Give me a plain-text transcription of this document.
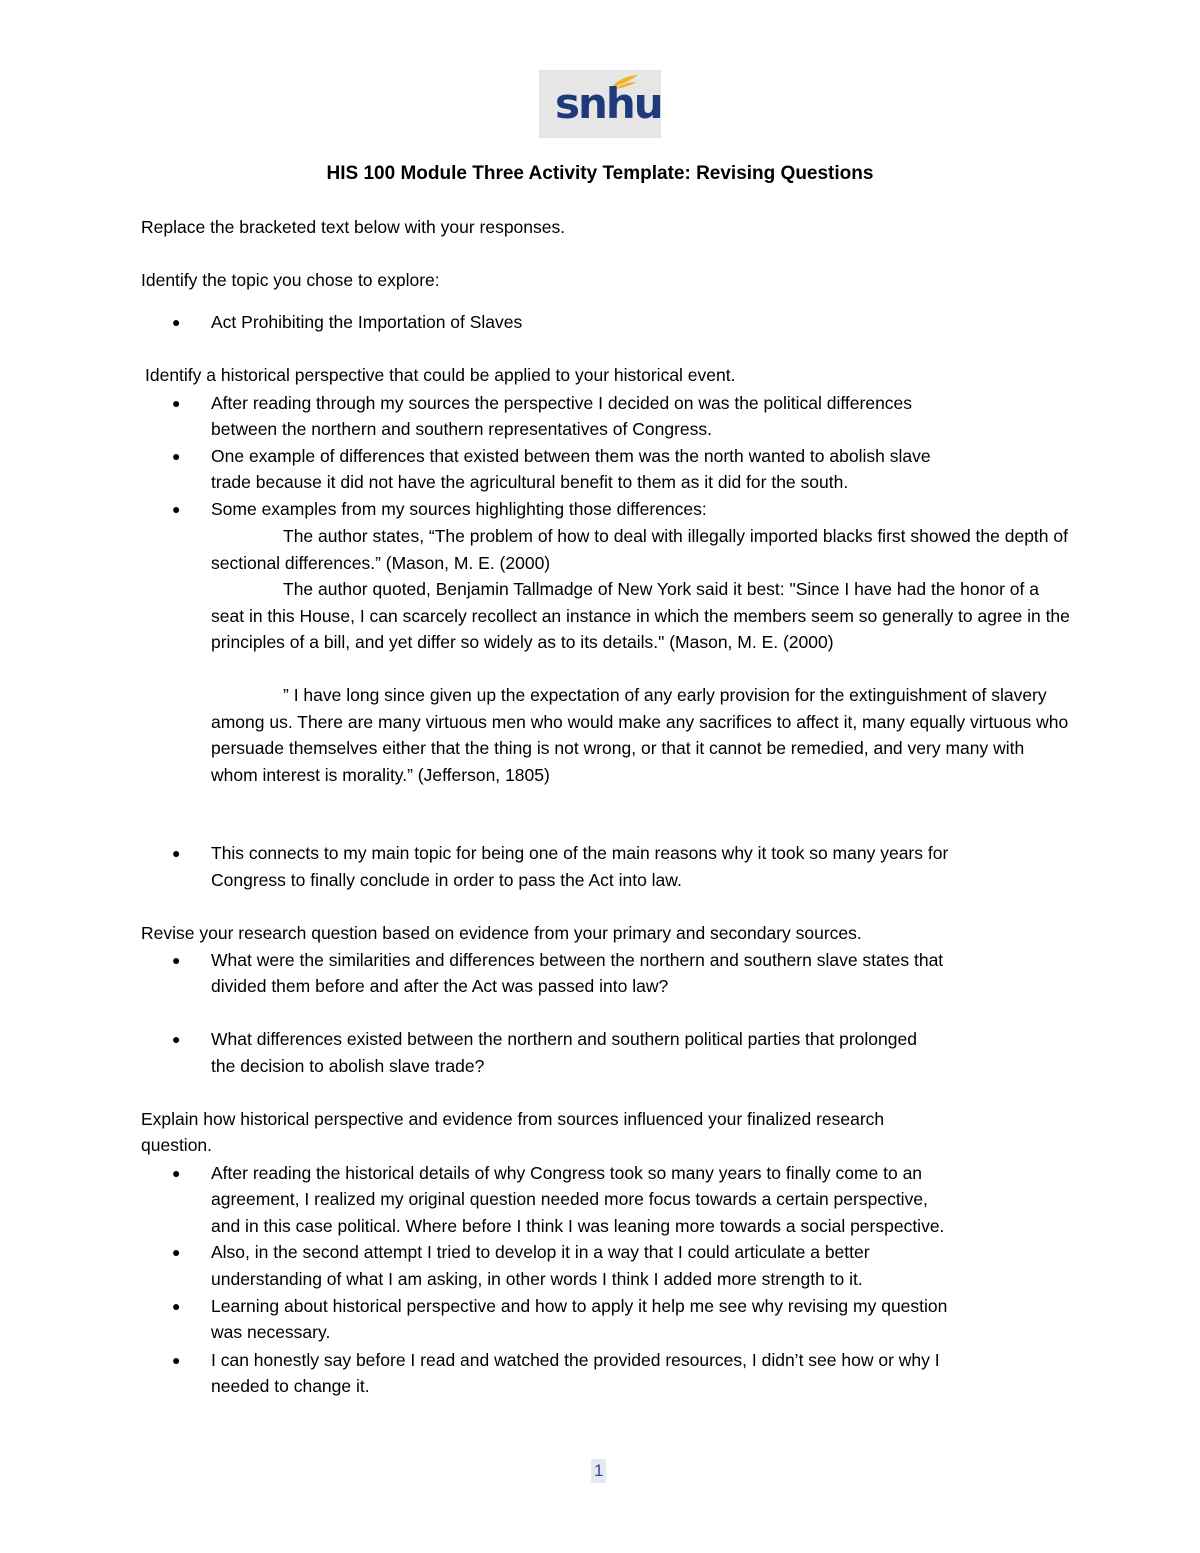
snhu
HIS 100 Module Three Activity Template: Revising Questions
Replace the bracketed text below with your responses.
Identify the topic you chose to explore:
● Act Prohibiting the Importation of Slaves
Identify a historical perspective that could be applied to your historical event.
● After reading through my sources the perspective I decided on was the political differences
between the northern and southern representatives of Congress.
● One example of differences that existed between them was the north wanted to abolish slave
trade because it did not have the agricultural benefit to them as it did for the south.
● Some examples from my sources highlighting those differences:
The author states, “The problem of how to deal with illegally imported blacks first showed the depth of sectional differences.” (Mason, M. E. (2000)
The author quoted, Benjamin Tallmadge of New York said it best: "Since I have had the honor of a seat in this House, I can scarcely recollect an instance in which the members seem so generally to agree in the principles of a bill, and yet differ so widely as to its details." (Mason, M. E. (2000)
” I have long since given up the expectation of any early provision for the extinguishment of slavery among us. There are many virtuous men who would make any sacrifices to affect it, many equally virtuous who persuade themselves either that the thing is not wrong, or that it cannot be remedied, and very many with whom interest is morality.” (Jefferson, 1805)
● This connects to my main topic for being one of the main reasons why it took so many years for
Congress to finally conclude in order to pass the Act into law.
Revise your research question based on evidence from your primary and secondary sources.
● What were the similarities and differences between the northern and southern slave states that
divided them before and after the Act was passed into law?
● What differences existed between the northern and southern political parties that prolonged
the decision to abolish slave trade?
Explain how historical perspective and evidence from sources influenced your finalized research
question.
● After reading the historical details of why Congress took so many years to finally come to an
agreement, I realized my original question needed more focus towards a certain perspective,
and in this case political. Where before I think I was leaning more towards a social perspective.
● Also, in the second attempt I tried to develop it in a way that I could articulate a better
understanding of what I am asking, in other words I think I added more strength to it.
● Learning about historical perspective and how to apply it help me see why revising my question
was necessary.
● I can honestly say before I read and watched the provided resources, I didn’t see how or why I
needed to change it.
1
